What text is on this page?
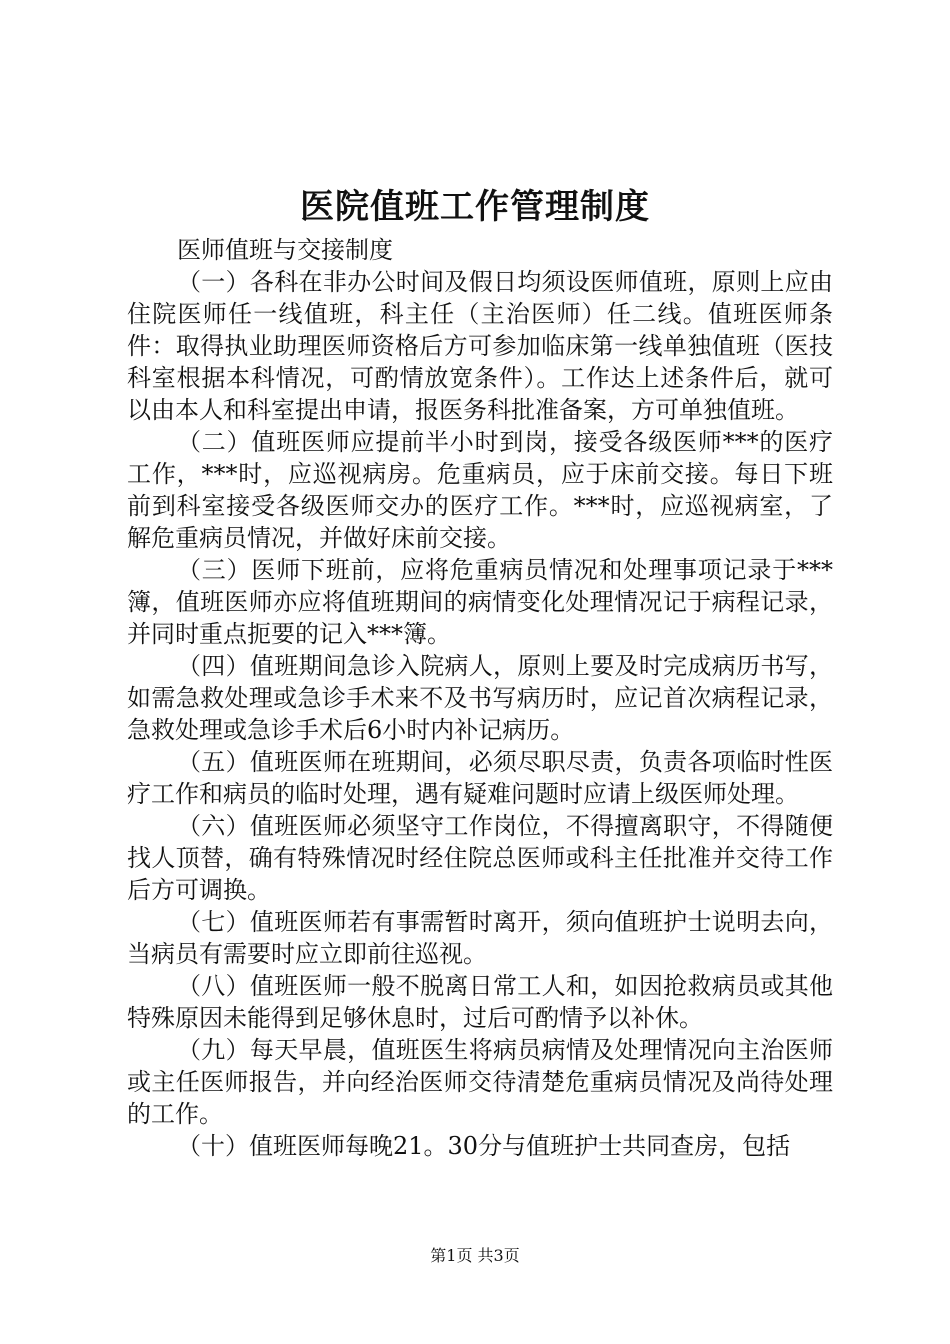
医院值班工作管理制度

医师值班与交接制度

（一）各科在非办公时间及假日均须设医师值班，原则上应由住院医师任一线值班，科主任（主治医师）任二线。值班医师条件：取得执业助理医师资格后方可参加临床第一线单独值班（医技科室根据本科情况，可酌情放宽条件）。工作达上述条件后，就可以由本人和科室提出申请，报医务科批准备案，方可单独值班。

（二）值班医师应提前半小时到岗，接受各级医师***的医疗工作，***时，应巡视病房。危重病员，应于床前交接。每日下班前到科室接受各级医师交办的医疗工作。***时，应巡视病室，了解危重病员情况，并做好床前交接。

（三）医师下班前，应将危重病员情况和处理事项记录于***簿，值班医师亦应将值班期间的病情变化处理情况记于病程记录，并同时重点扼要的记入***簿。

（四）值班期间急诊入院病人，原则上要及时完成病历书写，如需急救处理或急诊手术来不及书写病历时，应记首次病程记录，急救处理或急诊手术后6小时内补记病历。

（五）值班医师在班期间，必须尽职尽责，负责各项临时性医疗工作和病员的临时处理，遇有疑难问题时应请上级医师处理。

（六）值班医师必须坚守工作岗位，不得擅离职守，不得随便找人顶替，确有特殊情况时经住院总医师或科主任批准并交待工作后方可调换。

（七）值班医师若有事需暂时离开，须向值班护士说明去向，当病员有需要时应立即前往巡视。

（八）值班医师一般不脱离日常工人和，如因抢救病员或其他特殊原因未能得到足够休息时，过后可酌情予以补休。

（九）每天早晨，值班医生将病员病情及处理情况向主治医师或主任医师报告，并向经治医师交待清楚危重病员情况及尚待处理的工作。

（十）值班医师每晚21。30分与值班护士共同查房，包括

第1页 共3页
